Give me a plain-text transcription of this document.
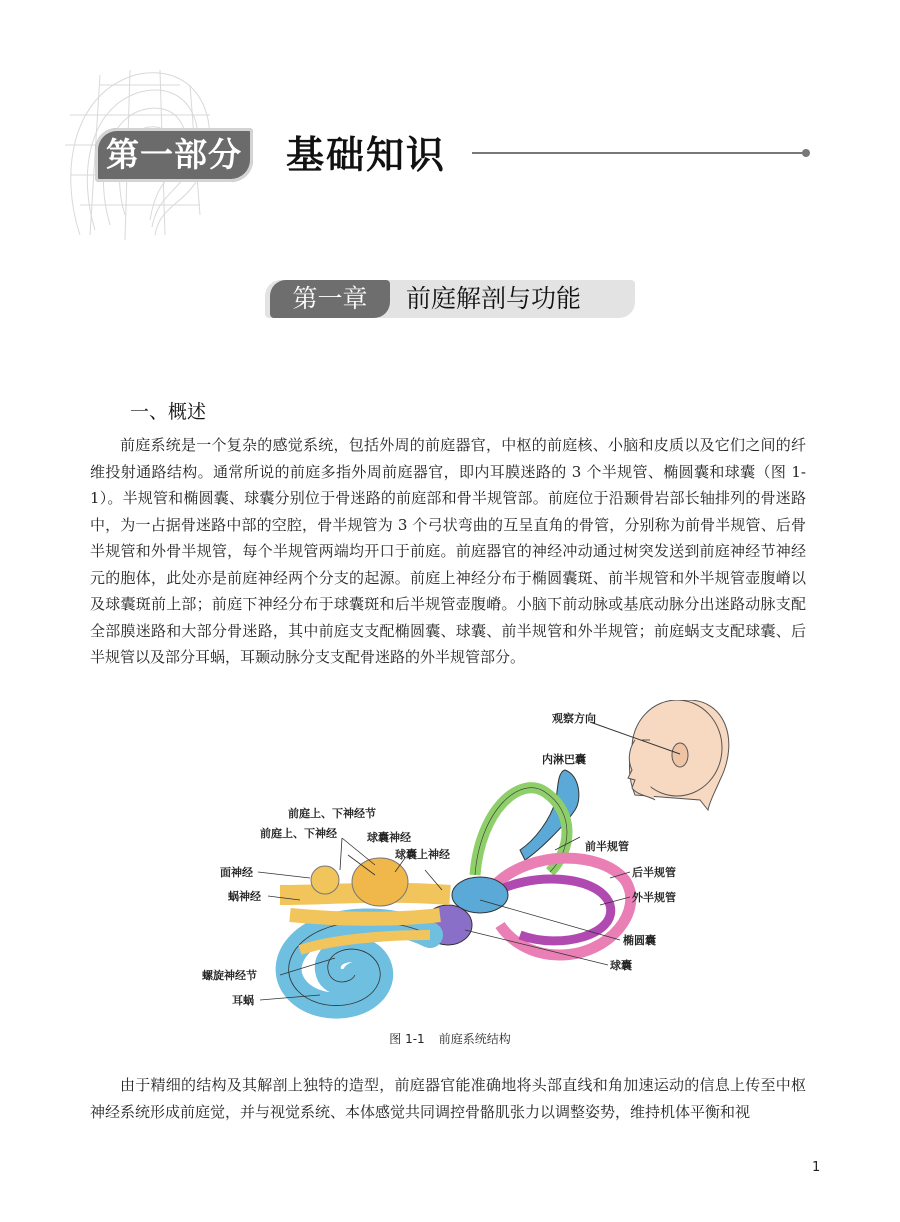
第一部分 基础知识
第一章	前庭解剖与功能
一、概述
前庭系统是一个复杂的感觉系统，包括外周的前庭器官，中枢的前庭核、小脑和皮质以及它们之间的纤维投射通路结构。通常所说的前庭多指外周前庭器官，即内耳膜迷路的 3 个半规管、椭圆囊和球囊（图 1-1）。半规管和椭圆囊、球囊分别位于骨迷路的前庭部和骨半规管部。前庭位于沿颞骨岩部长轴排列的骨迷路中，为一占据骨迷路中部的空腔，骨半规管为 3 个弓状弯曲的互呈直角的骨管，分别称为前骨半规管、后骨半规管和外骨半规管，每个半规管两端均开口于前庭。前庭器官的神经冲动通过树突发送到前庭神经节神经元的胞体，此处亦是前庭神经两个分支的起源。前庭上神经分布于椭圆囊斑、前半规管和外半规管壶腹嵴以及球囊斑前上部；前庭下神经分布于球囊斑和后半规管壶腹嵴。小脑下前动脉或基底动脉分出迷路动脉支配全部膜迷路和大部分骨迷路，其中前庭支支配椭圆囊、球囊、前半规管和外半规管；前庭蜗支支配球囊、后半规管以及部分耳蜗，耳颞动脉分支支配骨迷路的外半规管部分。
观察方向
内淋巴囊
前庭上、下神经节
前庭上、下神经	球囊神经
球囊上神经
面神经
蜗神经
前半规管
后半规管
外半规管
椭圆囊
球囊
螺旋神经节
耳蜗
图 1-1 前庭系统结构
由于精细的结构及其解剖上独特的造型，前庭器官能准确地将头部直线和角加速运动的信息上传至中枢神经系统形成前庭觉，并与视觉系统、本体感觉共同调控骨骼肌张力以调整姿势，维持机体平衡和视
1
